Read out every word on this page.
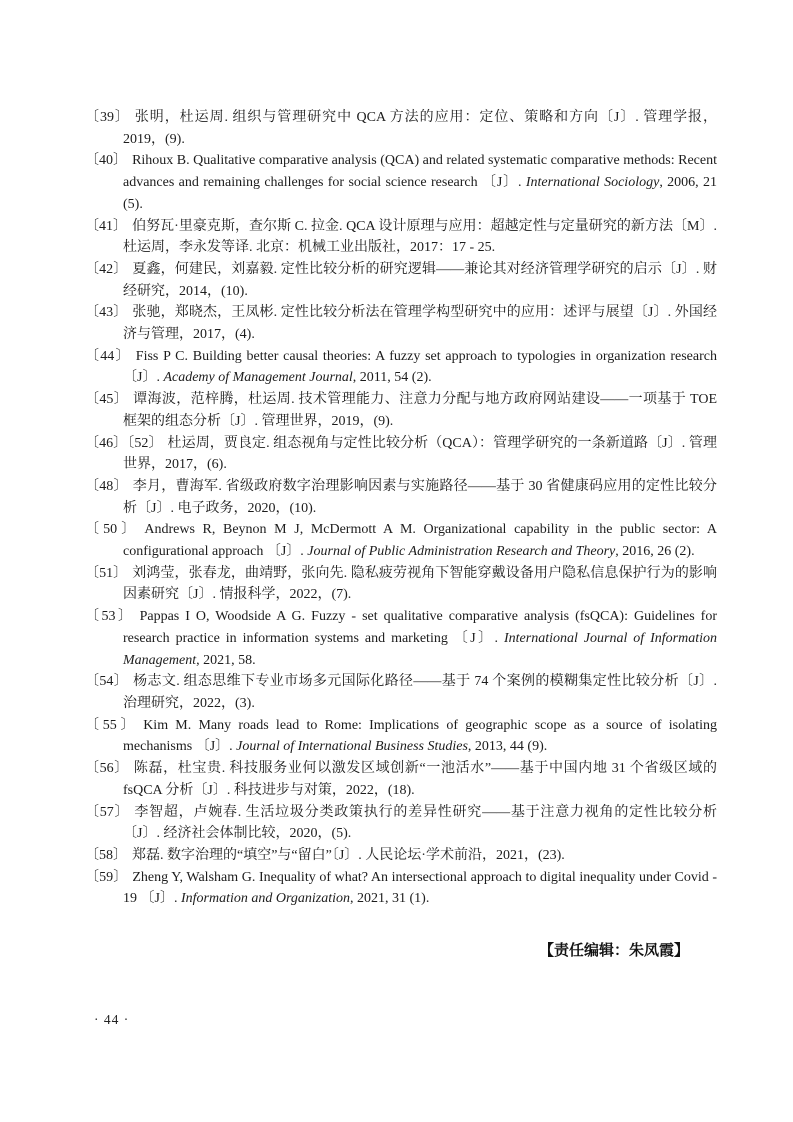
〔39〕 张明，杜运周. 组织与管理研究中 QCA 方法的应用：定位、策略和方向〔J〕. 管理学报，2019，(9).
〔40〕 Rihoux B. Qualitative comparative analysis (QCA) and related systematic comparative methods: Recent advances and remaining challenges for social science research 〔J〕. International Sociology, 2006, 21 (5).
〔41〕 伯努瓦·里豪克斯，查尔斯 C. 拉金. QCA 设计原理与应用：超越定性与定量研究的新方法〔M〕. 杜运周，李永发等译. 北京：机械工业出版社，2017：17 - 25.
〔42〕 夏鑫，何建民，刘嘉毅. 定性比较分析的研究逻辑——兼论其对经济管理学研究的启示〔J〕. 财经研究，2014，(10).
〔43〕 张驰，郑晓杰，王凤彬. 定性比较分析法在管理学构型研究中的应用：述评与展望〔J〕. 外国经济与管理，2017，(4).
〔44〕 Fiss P C. Building better causal theories: A fuzzy set approach to typologies in organization research 〔J〕. Academy of Management Journal, 2011, 54 (2).
〔45〕 谭海波，范梓腾，杜运周. 技术管理能力、注意力分配与地方政府网站建设——一项基于 TOE 框架的组态分析〔J〕. 管理世界，2019，(9).
〔46〕〔52〕 杜运周，贾良定. 组态视角与定性比较分析（QCA）：管理学研究的一条新道路〔J〕. 管理世界，2017，(6).
〔48〕 李月，曹海军. 省级政府数字治理影响因素与实施路径——基于 30 省健康码应用的定性比较分析〔J〕. 电子政务，2020，(10).
〔50〕 Andrews R, Beynon M J, McDermott A M. Organizational capability in the public sector: A configurational approach 〔J〕. Journal of Public Administration Research and Theory, 2016, 26 (2).
〔51〕 刘鸿莹，张春龙，曲靖野，张向先. 隐私疲劳视角下智能穿戴设备用户隐私信息保护行为的影响因素研究〔J〕. 情报科学，2022，(7).
〔53〕 Pappas I O, Woodside A G. Fuzzy - set qualitative comparative analysis (fsQCA): Guidelines for research practice in information systems and marketing 〔J〕. International Journal of Information Management, 2021, 58.
〔54〕 杨志文. 组态思维下专业市场多元国际化路径——基于 74 个案例的模糊集定性比较分析〔J〕. 治理研究，2022，(3).
〔55〕 Kim M. Many roads lead to Rome: Implications of geographic scope as a source of isolating mechanisms 〔J〕. Journal of International Business Studies, 2013, 44 (9).
〔56〕 陈磊，杜宝贵. 科技服务业何以激发区域创新“一池活水”——基于中国内地 31 个省级区域的 fsQCA 分析〔J〕. 科技进步与对策，2022，(18).
〔57〕 李智超，卢婉春. 生活垃圾分类政策执行的差异性研究——基于注意力视角的定性比较分析〔J〕. 经济社会体制比较，2020，(5).
〔58〕 郑磊. 数字治理的“填空”与“留白”〔J〕. 人民论坛·学术前沿，2021，(23).
〔59〕 Zheng Y, Walsham G. Inequality of what? An intersectional approach to digital inequality under Covid - 19 〔J〕. Information and Organization, 2021, 31 (1).
【责任编辑：朱凤霞】
· 44 ·
